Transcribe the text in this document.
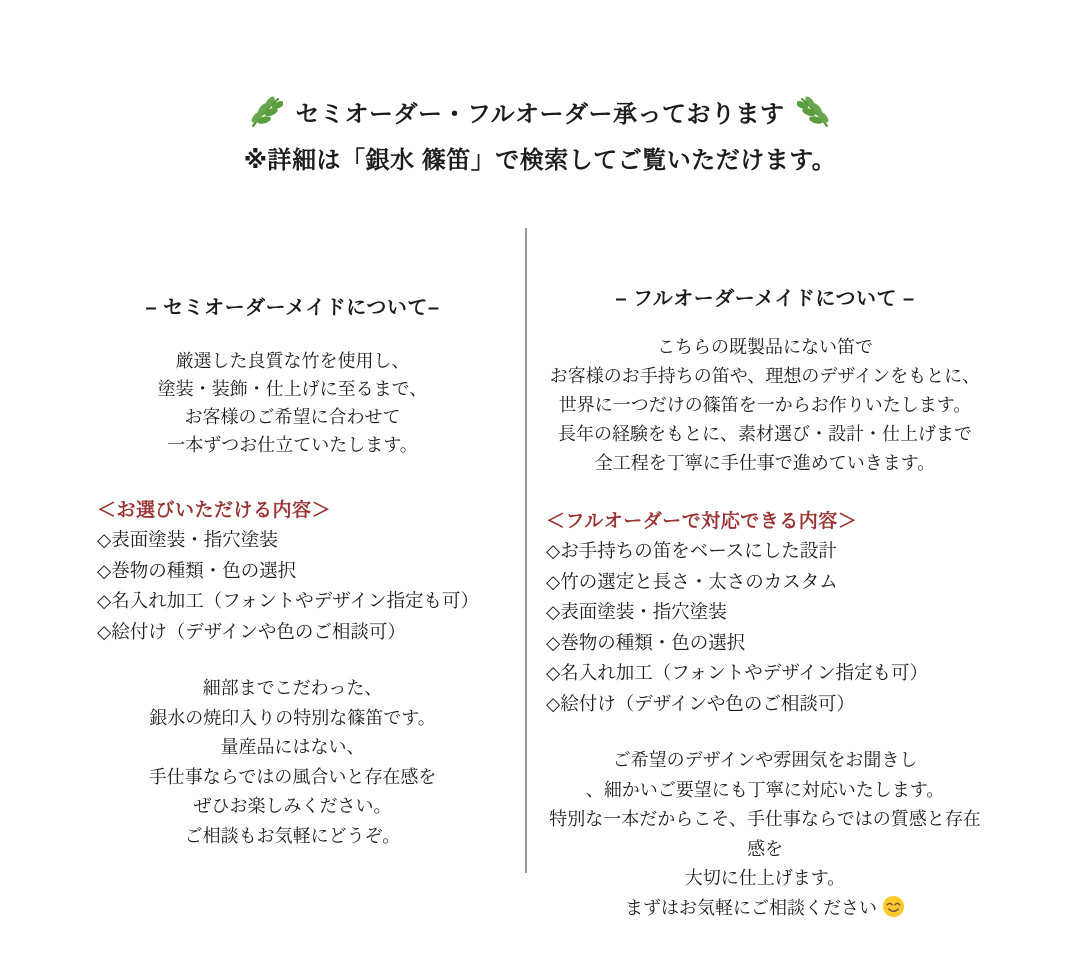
セミオーダー・フルオーダー承っております
※詳細は「銀水 篠笛」で検索してご覧いただけます。
– セミオーダーメイドについて–

厳選した良質な竹を使用し、
塗装・装飾・仕上げに至るまで、
お客様のご希望に合わせて
一本ずつお仕立ていたします。

＜お選びいただける内容＞
◇表面塗装・指穴塗装
◇巻物の種類・色の選択
◇名入れ加工（フォントやデザイン指定も可）
◇絵付け（デザインや色のご相談可）

細部までこだわった、
銀水の焼印入りの特別な篠笛です。
量産品にはない、
手仕事ならではの風合いと存在感を
ぜひお楽しみください。
ご相談もお気軽にどうぞ。

– フルオーダーメイドについて –

こちらの既製品にない笛で
お客様のお手持ちの笛や、理想のデザインをもとに、
世界に一つだけの篠笛を一からお作りいたします。
長年の経験をもとに、素材選び・設計・仕上げまで
全工程を丁寧に手仕事で進めていきます。

＜フルオーダーで対応できる内容＞
◇お手持ちの笛をベースにした設計
◇竹の選定と長さ・太さのカスタム
◇表面塗装・指穴塗装
◇巻物の種類・色の選択
◇名入れ加工（フォントやデザイン指定も可）
◇絵付け（デザインや色のご相談可）

ご希望のデザインや雰囲気をお聞きし
、細かいご要望にも丁寧に対応いたします。
特別な一本だからこそ、手仕事ならではの質感と存在感を
大切に仕上げます。
まずはお気軽にご相談ください
